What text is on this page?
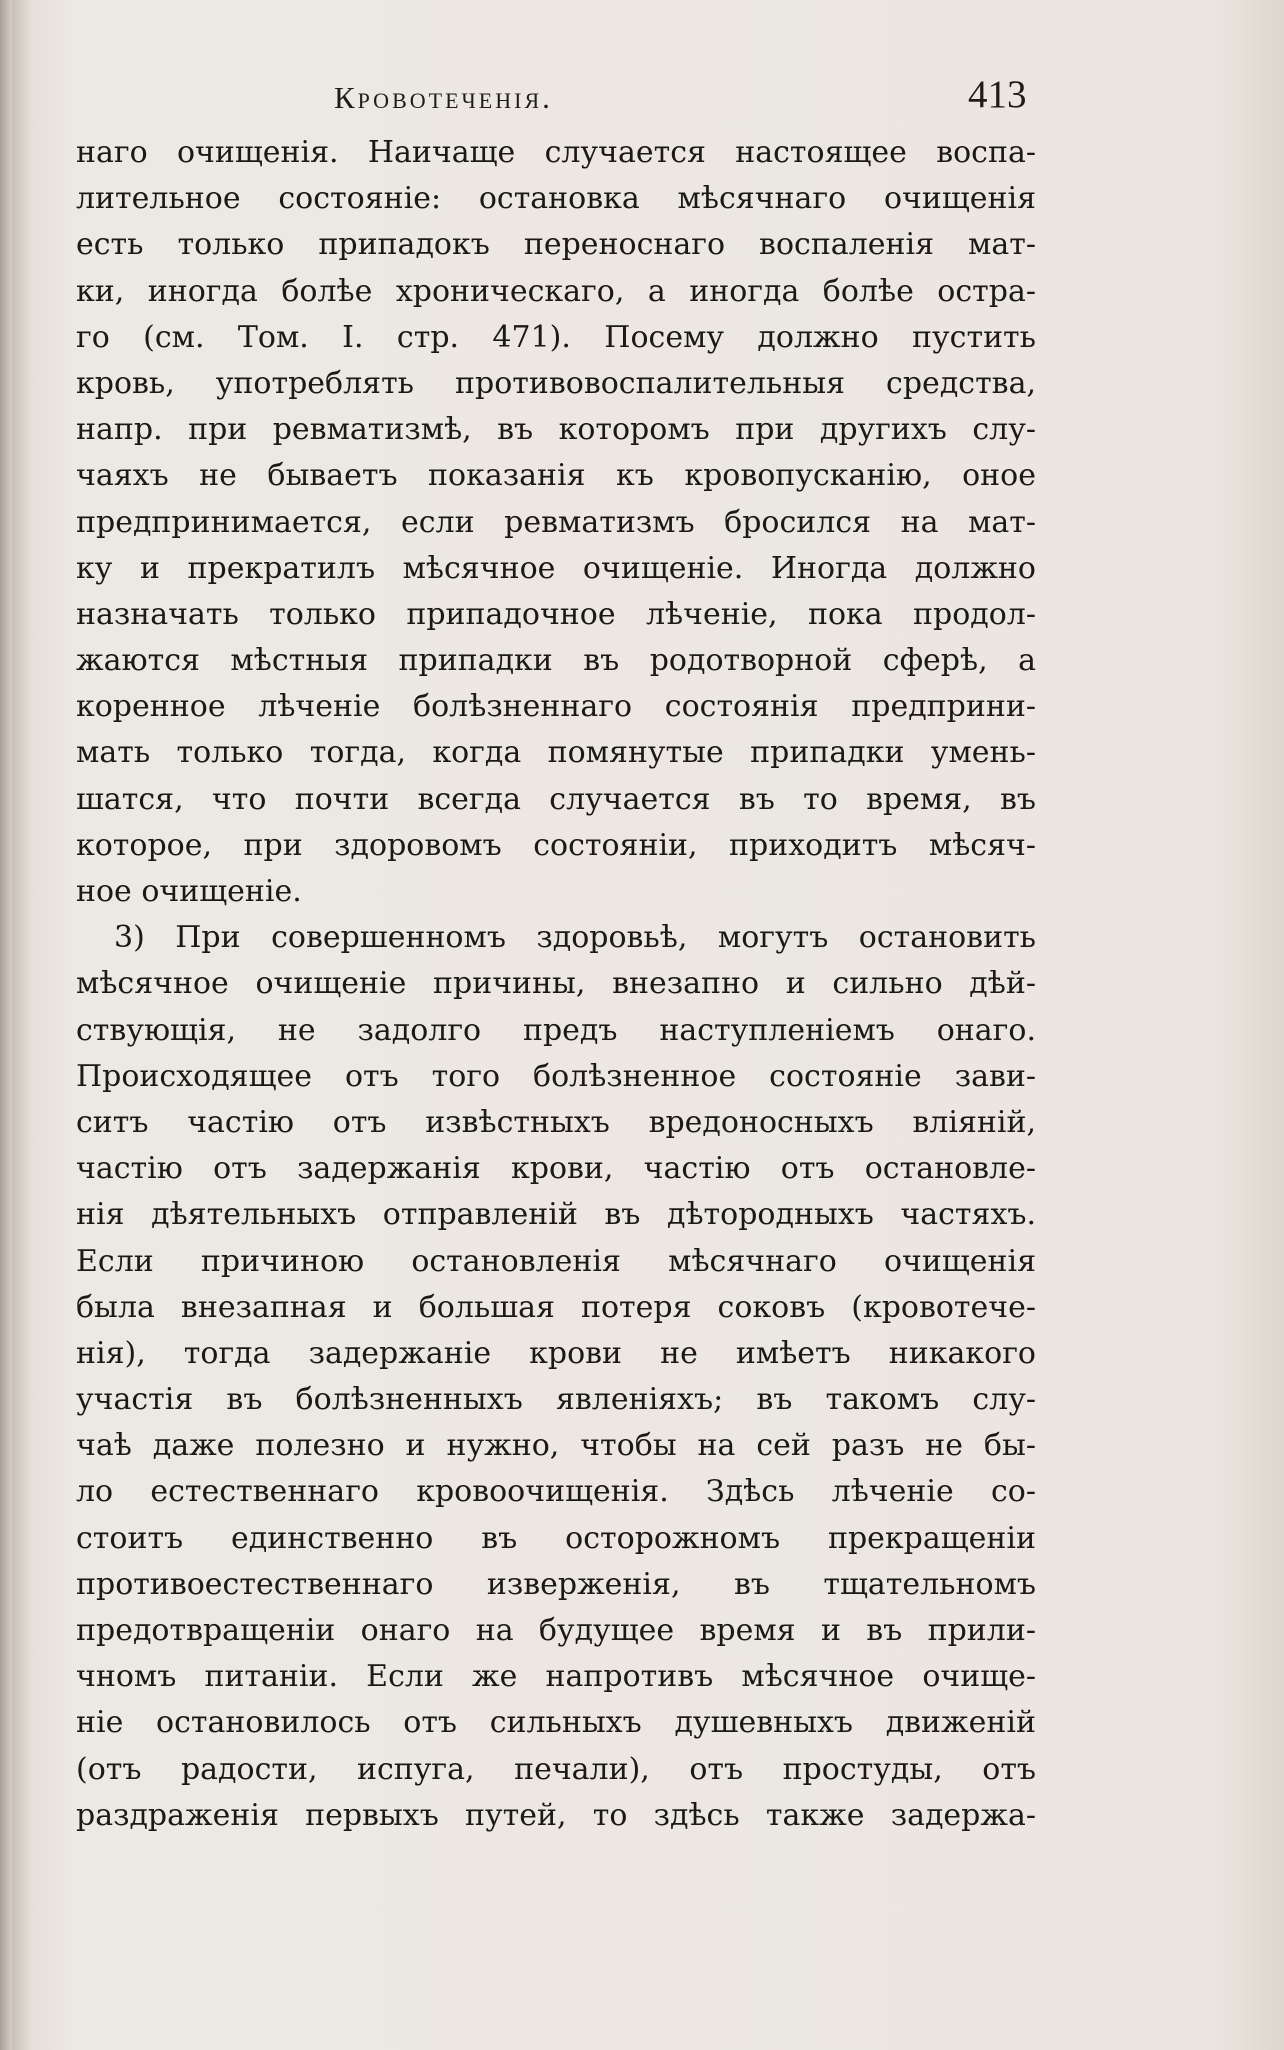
Кровотеченія.	413
наго очищенія. Наичаще случается настоящее воспа-
лительное состояніе: остановка мѣсячнаго очищенія
есть только припадокъ переноснаго воспаленія мат-
ки, иногда болѣе хроническаго, а иногда болѣе остра-
го (см. Том. I. стр. 471). Посему должно пустить
кровь, употреблять противовоспалительныя средства,
напр. при ревматизмѣ, въ которомъ при другихъ слу-
чаяхъ не бываетъ показанія къ кровопусканію, оное
предпринимается, если ревматизмъ бросился на мат-
ку и прекратилъ мѣсячное очищеніе. Иногда должно
назначать только припадочное лѣченіе, пока продол-
жаются мѣстныя припадки въ родотворной сферѣ, а
коренное лѣченіе болѣзненнаго состоянія предприни-
мать только тогда, когда помянутые припадки умень-
шатся, что почти всегда случается въ то время, въ
которое, при здоровомъ состояніи, приходитъ мѣсяч-
ное очищеніе.
3) При совершенномъ здоровьѣ, могутъ остановить
мѣсячное очищеніе причины, внезапно и сильно дѣй-
ствующія, не задолго предъ наступленіемъ онаго.
Происходящее отъ того болѣзненное состояніе зави-
ситъ частію отъ извѣстныхъ вредоносныхъ вліяній,
частію отъ задержанія крови, частію отъ остановле-
нія дѣятельныхъ отправленій въ дѣтородныхъ частяхъ.
Если причиною остановленія мѣсячнаго очищенія
была внезапная и большая потеря соковъ (кровотече-
нія), тогда задержаніе крови не имѣетъ никакого
участія въ болѣзненныхъ явленіяхъ; въ такомъ слу-
чаѣ даже полезно и нужно, чтобы на сей разъ не бы-
ло естественнаго кровоочищенія. Здѣсь лѣченіе со-
стоитъ единственно въ осторожномъ прекращеніи
противоестественнаго изверженія, въ тщательномъ
предотвращеніи онаго на будущее время и въ прили-
чномъ питаніи. Если же напротивъ мѣсячное очище-
ніе остановилось отъ сильныхъ душевныхъ движеній
(отъ радости, испуга, печали), отъ простуды, отъ
раздраженія первыхъ путей, то здѣсь также задержа-
